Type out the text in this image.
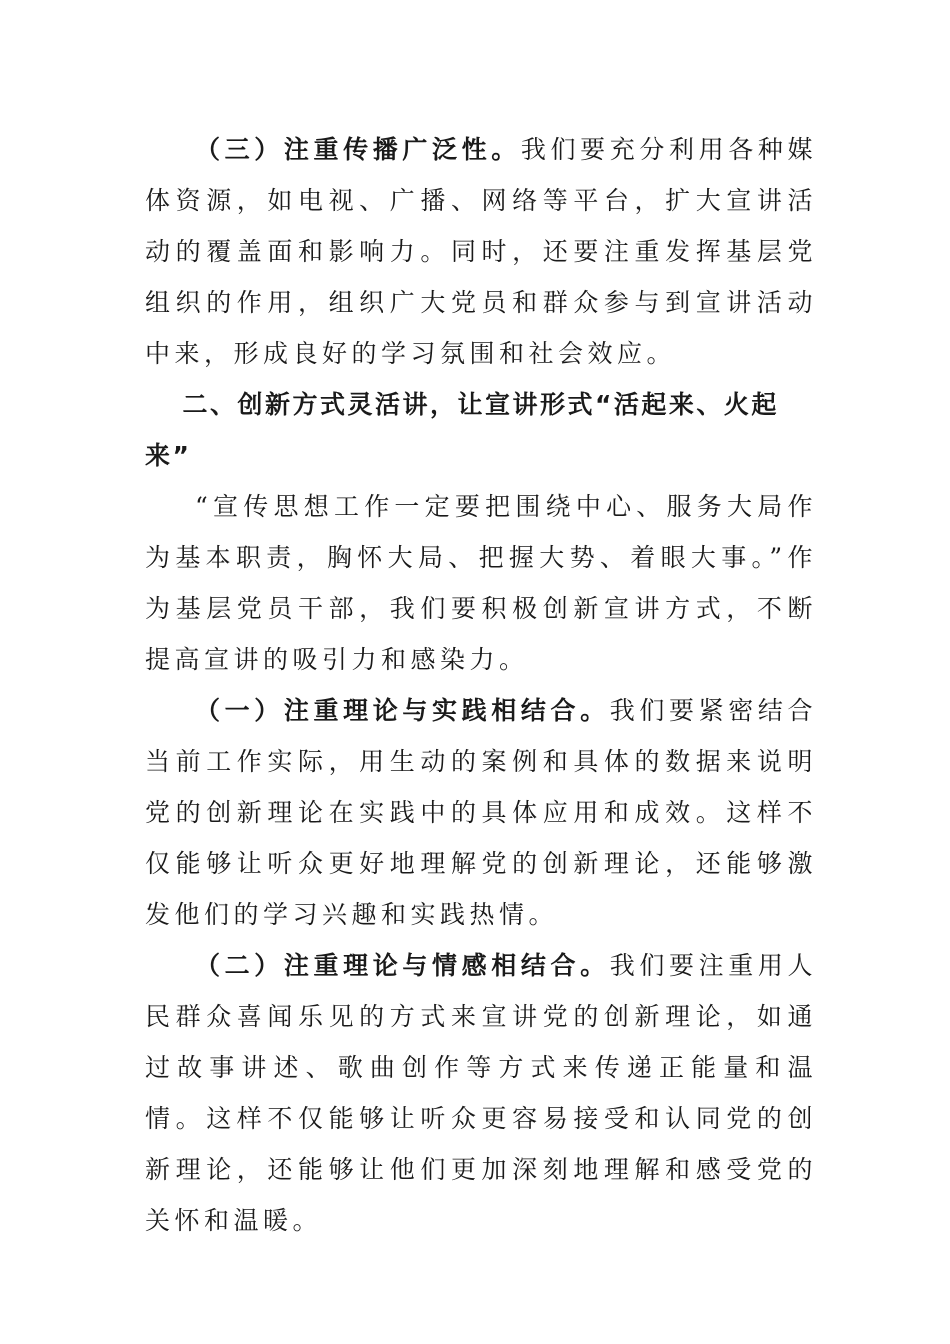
（三）注重传播广泛性。我们要充分利用各种媒体资源，如电视、广播、网络等平台，扩大宣讲活动的覆盖面和影响力。同时，还要注重发挥基层党组织的作用，组织广大党员和群众参与到宣讲活动中来，形成良好的学习氛围和社会效应。

二、创新方式灵活讲，让宣讲形式“活起来、火起来”

“宣传思想工作一定要把围绕中心、服务大局作为基本职责，胸怀大局、把握大势、着眼大事。”作为基层党员干部，我们要积极创新宣讲方式，不断提高宣讲的吸引力和感染力。

（一）注重理论与实践相结合。我们要紧密结合当前工作实际，用生动的案例和具体的数据来说明党的创新理论在实践中的具体应用和成效。这样不仅能够让听众更好地理解党的创新理论，还能够激发他们的学习兴趣和实践热情。

（二）注重理论与情感相结合。我们要注重用人民群众喜闻乐见的方式来宣讲党的创新理论，如通过故事讲述、歌曲创作等方式来传递正能量和温情。这样不仅能够让听众更容易接受和认同党的创新理论，还能够让他们更加深刻地理解和感受党的关怀和温暖。
